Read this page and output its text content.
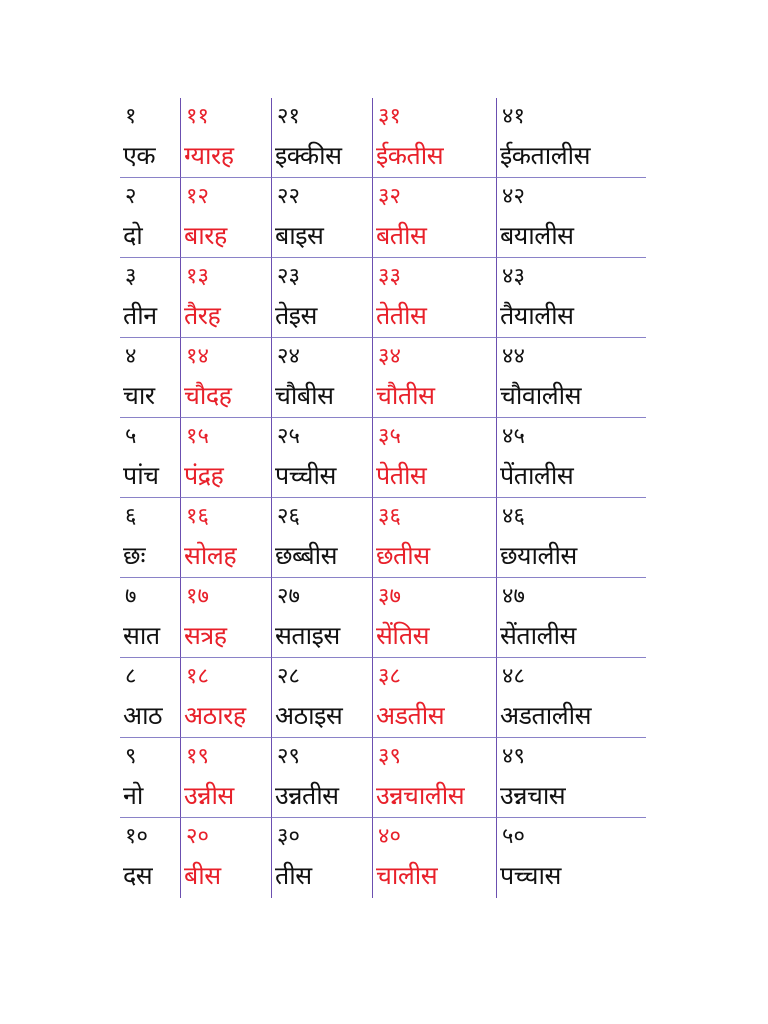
१
एक
११
ग्यारह
२१
इक्कीस
३१
ईकतीस
४१
ईकतालीस
२
दो
१२
बारह
२२
बाइस
३२
बतीस
४२
बयालीस
३
तीन
१३
तैरह
२३
तेइस
३३
तेतीस
४३
तैयालीस
४
चार
१४
चौदह
२४
चौबीस
३४
चौतीस
४४
चौवालीस
५
पांच
१५
पंद्रह
२५
पच्चीस
३५
पेतीस
४५
पेंतालीस
६
छः
१६
सोलह
२६
छब्बीस
३६
छतीस
४६
छयालीस
७
सात
१७
सत्रह
२७
सताइस
३७
सेंतिस
४७
सेंतालीस
८
आठ
१८
अठारह
२८
अठाइस
३८
अडतीस
४८
अडतालीस
९
नो
१९
उन्नीस
२९
उन्नतीस
३९
उन्नचालीस
४९
उन्नचास
१०
दस
२०
बीस
३०
तीस
४०
चालीस
५०
पच्चास
